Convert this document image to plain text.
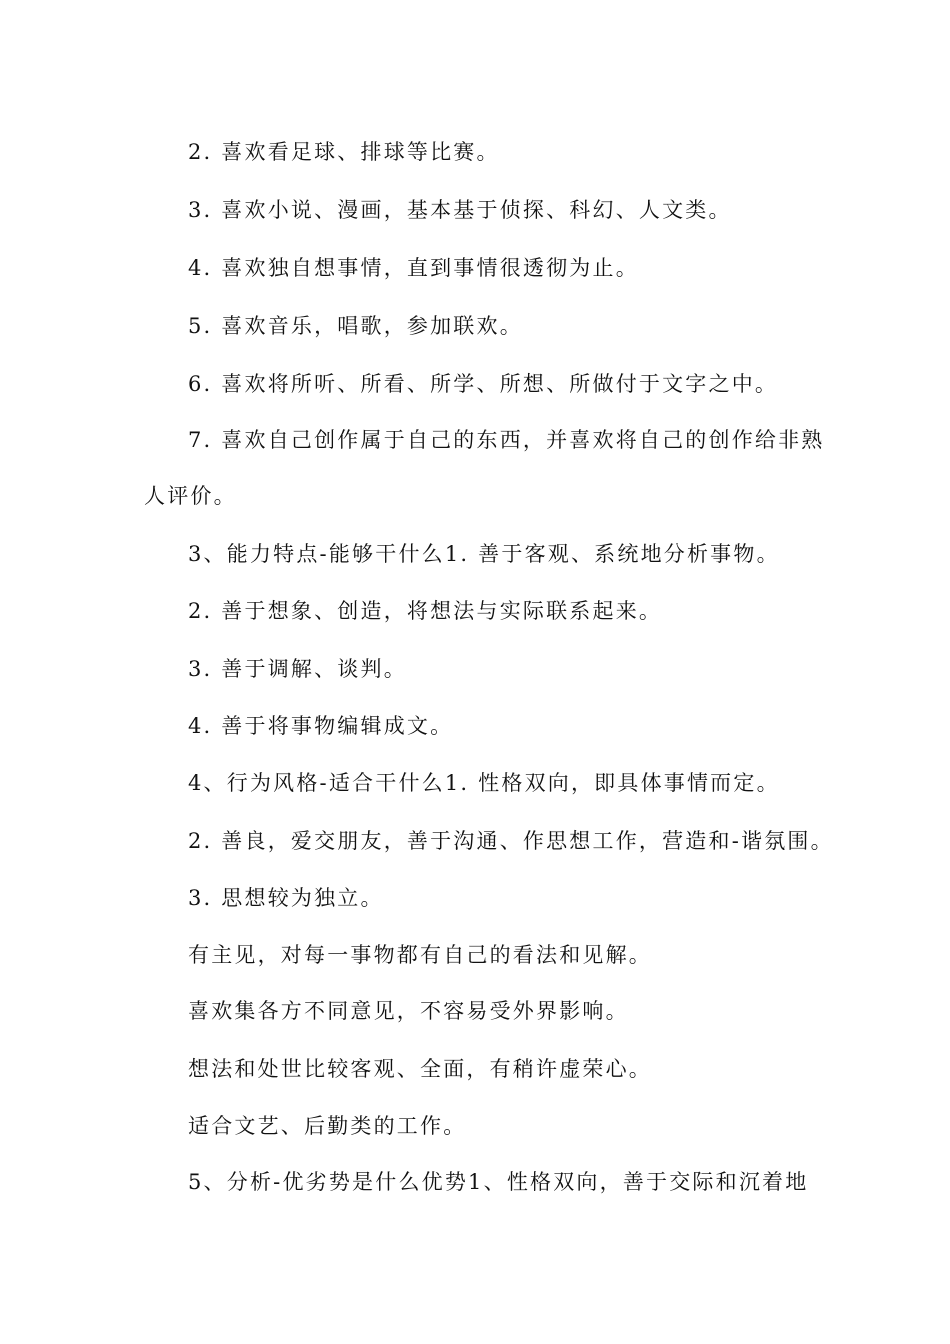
2. 喜欢看足球、排球等比赛。
3. 喜欢小说、漫画，基本基于侦探、科幻、人文类。
4. 喜欢独自想事情，直到事情很透彻为止。
5. 喜欢音乐，唱歌，参加联欢。
6. 喜欢将所听、所看、所学、所想、所做付于文字之中。
7. 喜欢自己创作属于自己的东西，并喜欢将自己的创作给非熟
人评价。
3、能力特点-能够干什么1. 善于客观、系统地分析事物。
2. 善于想象、创造，将想法与实际联系起来。
3. 善于调解、谈判。
4. 善于将事物编辑成文。
4、行为风格-适合干什么1. 性格双向，即具体事情而定。
2. 善良，爱交朋友，善于沟通、作思想工作，营造和-谐氛围。
3. 思想较为独立。
有主见，对每一事物都有自己的看法和见解。
喜欢集各方不同意见，不容易受外界影响。
想法和处世比较客观、全面，有稍许虚荣心。
适合文艺、后勤类的工作。
5、分析-优劣势是什么优势1、性格双向，善于交际和沉着地
